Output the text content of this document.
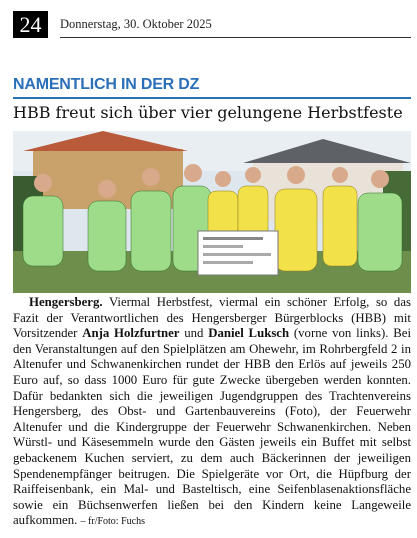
24	Donnerstag, 30. Oktober 2025
NAMENTLICH IN DER DZ
HBB freut sich über vier gelungene Herbstfeste
Hengersberg. Viermal Herbstfest, viermal ein schöner Erfolg, so das Fazit der Verantwortlichen des Hengersberger Bürgerblocks (HBB) mit Vorsitzender Anja Holzfurtner und Daniel Luksch (vorne von links). Bei den Veranstaltungen auf den Spielplätzen am Ohewehr, im Rohrbergfeld 2 in Altenufer und Schwanenkirchen rundet der HBB den Erlös auf jeweils 250 Euro auf, so dass 1000 Euro für gute Zwecke übergeben werden konnten. Dafür bedankten sich die jeweiligen Jugendgruppen des Trachtenvereins Hengersberg, des Obst- und Gartenbauvereins (Foto), der Feuerwehr Altenufer und die Kindergruppe der Feuerwehr Schwanenkirchen. Neben Würstl- und Käsesemmeln wurde den Gästen jeweils ein Buffet mit selbst gebackenem Kuchen serviert, zu dem auch Bäckerinnen der jeweiligen Spendenempfänger beitrugen. Die Spielgeräte vor Ort, die Hüpfburg der Raiffeisenbank, ein Mal- und Basteltisch, eine Seifenblasenaktionsfläche sowie ein Büchsenwerfen ließen bei den Kindern keine Langeweile aufkommen. – fr/Foto: Fuchs
